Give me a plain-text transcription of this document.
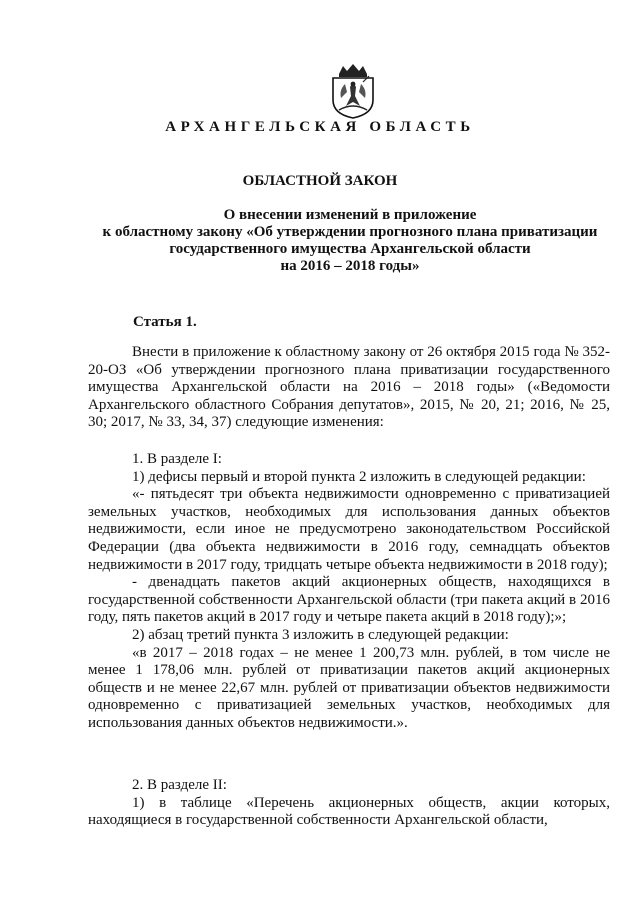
АРХАНГЕЛЬСКАЯ ОБЛАСТЬ
ОБЛАСТНОЙ ЗАКОН
О внесении изменений в приложение
к областному закону «Об утверждении прогнозного плана приватизации
государственного имущества Архангельской области
на 2016 – 2018 годы»
Статья 1.

Внести в приложение к областному закону от 26 октября 2015 года № 352-20-ОЗ «Об утверждении прогнозного плана приватизации государственного имущества Архангельской области на 2016 – 2018 годы» («Ведомости Архангельского областного Собрания депутатов», 2015, № 20, 21; 2016, № 25, 30; 2017, № 33, 34, 37) следующие изменения:

1. В разделе I:

1) дефисы первый и второй пункта 2 изложить в следующей редакции:

«- пятьдесят три объекта недвижимости одновременно с приватизацией земельных участков, необходимых для использования данных объектов недвижимости, если иное не предусмотрено законодательством Российской Федерации (два объекта недвижимости в 2016 году, семнадцать объектов недвижимости в 2017 году, тридцать четыре объекта недвижимости в 2018 году);

- двенадцать пакетов акций акционерных обществ, находящихся в государственной собственности Архангельской области (три пакета акций в 2016 году, пять пакетов акций в 2017 году и четыре пакета акций в 2018 году);»;

2) абзац третий пункта 3 изложить в следующей редакции:

«в 2017 – 2018 годах – не менее 1 200,73 млн. рублей, в том числе не менее 1 178,06 млн. рублей от приватизации пакетов акций акционерных обществ и не менее 22,67 млн. рублей от приватизации объектов недвижимости одновременно с приватизацией земельных участков, необходимых для использования данных объектов недвижимости.».

2. В разделе II:

1) в таблице «Перечень акционерных обществ, акции которых, находящиеся в государственной собственности Архангельской области,
